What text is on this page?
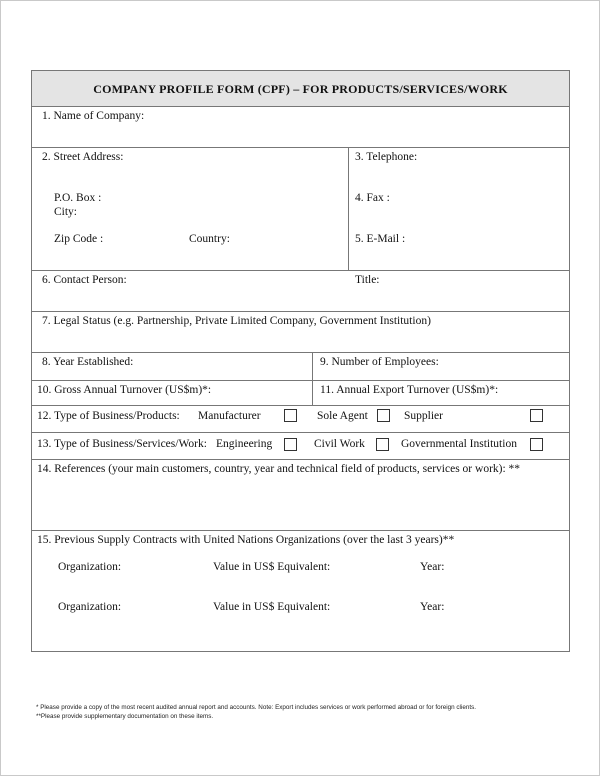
COMPANY PROFILE FORM (CPF) – FOR PRODUCTS/SERVICES/WORK
1. Name of Company:
2. Street Address:	3. Telephone:
P.O. Box :
City:
4. Fax :
Zip Code :	Country:	5. E-Mail :
6. Contact Person:	Title:
7. Legal Status (e.g. Partnership, Private Limited Company, Government Institution)
8. Year Established:	9. Number of Employees:
10. Gross Annual Turnover (US$m)*:	11. Annual Export Turnover (US$m)*:
12. Type of Business/Products: Manufacturer	Sole Agent	Supplier
13. Type of Business/Services/Work: Engineering	Civil Work	Governmental Institution
14. References (your main customers, country, year and technical field of products, services or work): **
15. Previous Supply Contracts with United Nations Organizations (over the last 3 years)**
Organization:	Value in US$ Equivalent:	Year:
Organization:	Value in US$ Equivalent:	Year:
* Please provide a copy of the most recent audited annual report and accounts. Note: Export includes services or work performed abroad or for foreign clients.
**Please provide supplementary documentation on these items.
